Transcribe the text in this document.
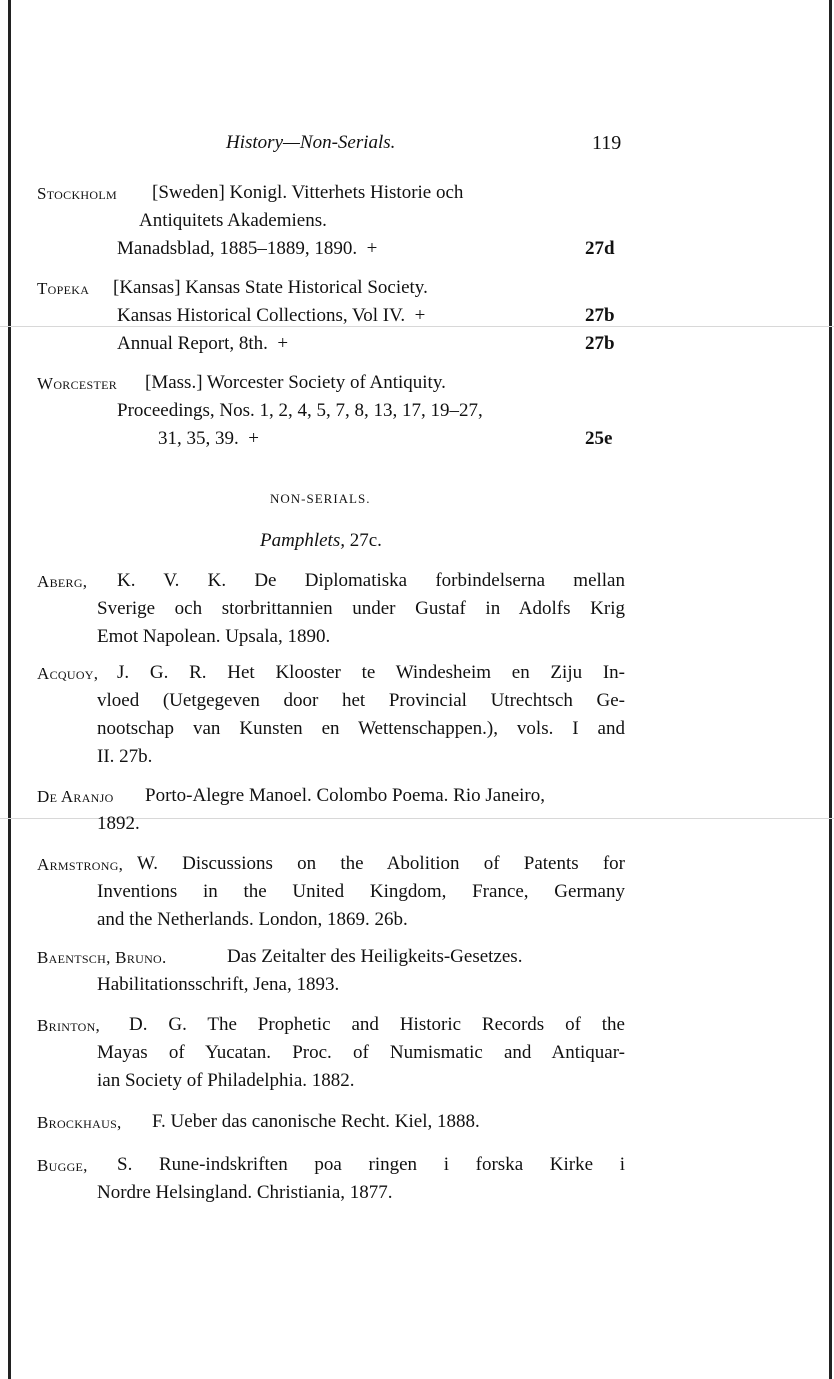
History—Non-Serials.	119
Stockholm [Sweden] Konigl. Vitterhets Historie och
Antiquitets Akademiens.
Manadsblad, 1885–1889, 1890.  +	27d
Topeka [Kansas] Kansas State Historical Society.
Kansas Historical Collections, Vol IV.  +	27b
Annual Report, 8th.  +	27b
Worcester [Mass.] Worcester Society of Antiquity.
Proceedings, Nos. 1, 2, 4, 5, 7, 8, 13, 17, 19–27,
31, 35, 39.  +	25e
NON-SERIALS.
Pamphlets, 27c.
Aberg, K. V. K. De Diplomatiska forbindelserna mellan
Sverige och storbrittannien under Gustaf in Adolfs Krig
Emot Napolean. Upsala, 1890.
Acquoy, J. G. R. Het Klooster te Windesheim en Ziju In-
vloed (Uetgegeven door het Provincial Utrechtsch Ge-
nootschap van Kunsten en Wettenschappen.), vols. I and
II. 27b.
De Aranjo Porto-Alegre Manoel. Colombo Poema. Rio Janeiro,
1892.
Armstrong, W. Discussions on the Abolition of Patents for
Inventions in the United Kingdom, France, Germany
and the Netherlands. London, 1869. 26b.
Baentsch, Bruno.	Das Zeitalter des Heiligkeits-Gesetzes.
Habilitationsschrift, Jena, 1893.
Brinton, D. G. The Prophetic and Historic Records of the
Mayas of Yucatan. Proc. of Numismatic and Antiquar-
ian Society of Philadelphia. 1882.
Brockhaus, F. Ueber das canonische Recht. Kiel, 1888.
Bugge, S. Rune-indskriften poa ringen i forska Kirke i
Nordre Helsingland. Christiania, 1877.
